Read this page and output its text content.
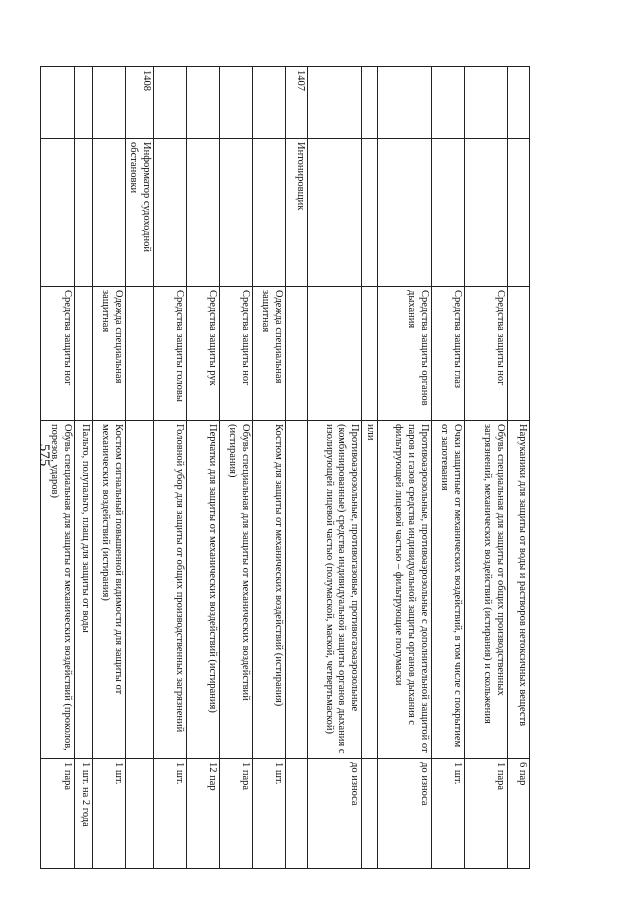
575
				Наруканики для защиты от воды и растворов нетоксичных веществ	6 пар
		Средства защиты ног	Обувь специальная для защиты от общих производственных загрязнений, механических воздействий (истирания) и скольжения	1 пара
		Средства защиты глаз	Очки защитные от механических воздействий, в том числе с покрытием от запотевания	1 шт.
		Средства защиты органов дыхания	Противоаэрозольные, противоаэрозольные с дополнительной защитой от паров и газов средства индивидуальной защиты органов дыхания с фильтрующей лицевой частью – фильтрующие полумаски	до износа
			или	
			Противоаэрозольные, противогазовые, противогазоаэрозольные (комбинированные) средства индивидуальной защиты органов дыхания с изолирующей лицевой частью (полумаской, маской, четвертьмаской)	до износа
1407	Интонировщик			
		Одежда специальная защитная	Костюм для защиты от механических воздействий (истирания)	1 шт.
		Средства защиты ног	Обувь специальная для защиты от механических воздействий (истирания)	1 пара
		Средства защиты рук	Перчатки для защиты от механических воздействий (истирания)	12 пар
		Средства защиты головы	Головной убор для защиты от общих производственных загрязнений	1 шт.
1408	Информатор судоходной обстановки			
		Одежда специальная защитная	Костюм сигнальный повышенной видимости для защиты от механических воздействий (истирания)	1 шт.
			Пальто, полупальто, плащ для защиты от воды	1 шт. на 2 года
		Средства защиты ног	Обувь специальная для защиты от механических воздействий (проколов, порезов, ударов)	1 пара
